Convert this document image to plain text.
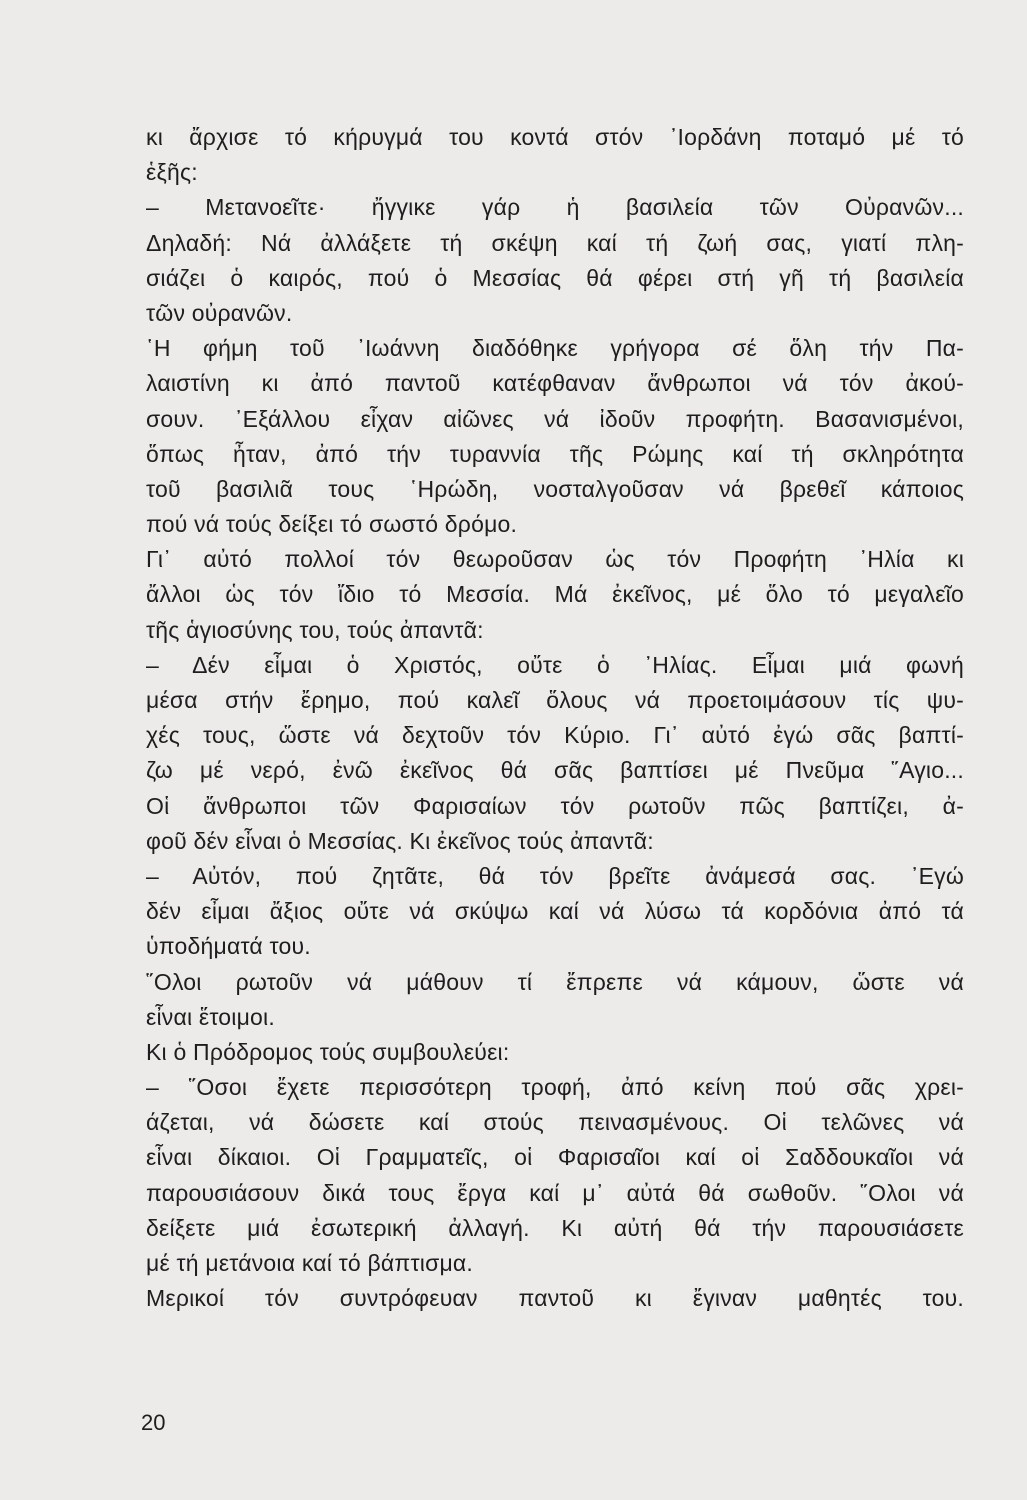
κι ἄρχισε τό κήρυγμά του κοντά στόν ᾽Ιορδάνη ποταμό μέ τό
ἑξῆς:
– Μετανοεῖτε· ἤγγικε γάρ ἡ βασιλεία τῶν Οὐρανῶν...
Δηλαδή: Νά ἀλλάξετε τή σκέψη καί τή ζωή σας, γιατί πλη-
σιάζει ὁ καιρός, πού ὁ Μεσσίας θά φέρει στή γῆ τή βασιλεία
τῶν οὐρανῶν.
῾Η φήμη τοῦ ᾽Ιωάννη διαδόθηκε γρήγορα σέ ὅλη τήν Πα-
λαιστίνη κι ἀπό παντοῦ κατέφθαναν ἄνθρωποι νά τόν ἀκού-
σουν. ᾽Εξάλλου εἶχαν αἰῶνες νά ἰδοῦν προφήτη. Βασανισμένοι,
ὅπως ἦταν, ἀπό τήν τυραννία τῆς Ρώμης καί τή σκληρότητα
τοῦ βασιλιᾶ τους ῾Ηρώδη, νοσταλγοῦσαν νά βρεθεῖ κάποιος
πού νά τούς δείξει τό σωστό δρόμο.
Γι᾽ αὐτό πολλοί τόν θεωροῦσαν ὡς τόν Προφήτη ᾽Ηλία κι
ἄλλοι ὡς τόν ἴδιο τό Μεσσία. Μά ἐκεῖνος, μέ ὅλο τό μεγαλεῖο
τῆς ἁγιοσύνης του, τούς ἀπαντᾶ:
– Δέν εἶμαι ὁ Χριστός, οὔτε ὁ ᾽Ηλίας. Εἶμαι μιά φωνή
μέσα στήν ἔρημο, πού καλεῖ ὅλους νά προετοιμάσουν τίς ψυ-
χές τους, ὥστε νά δεχτοῦν τόν Κύριο. Γι᾽ αὐτό ἐγώ σᾶς βαπτί-
ζω μέ νερό, ἐνῶ ἐκεῖνος θά σᾶς βαπτίσει μέ Πνεῦμα ῞Αγιο...
Οἱ ἄνθρωποι τῶν Φαρισαίων τόν ρωτοῦν πῶς βαπτίζει, ἀ-
φοῦ δέν εἶναι ὁ Μεσσίας. Κι ἐκεῖνος τούς ἀπαντᾶ:
– Αὐτόν, πού ζητᾶτε, θά τόν βρεῖτε ἀνάμεσά σας. ᾽Εγώ
δέν εἶμαι ἄξιος οὔτε νά σκύψω καί νά λύσω τά κορδόνια ἀπό τά
ὑποδήματά του.
῞Ολοι ρωτοῦν νά μάθουν τί ἔπρεπε νά κάμουν, ὥστε νά
εἶναι ἕτοιμοι.
Κι ὁ Πρόδρομος τούς συμβουλεύει:
– ῞Οσοι ἔχετε περισσότερη τροφή, ἀπό κείνη πού σᾶς χρει-
άζεται, νά δώσετε καί στούς πεινασμένους. Οἱ τελῶνες νά
εἶναι δίκαιοι. Οἱ Γραμματεῖς, οἱ Φαρισαῖοι καί οἱ Σαδδουκαῖοι νά
παρουσιάσουν δικά τους ἔργα καί μ᾽ αὐτά θά σωθοῦν. ῞Ολοι νά
δείξετε μιά ἐσωτερική ἀλλαγή. Κι αὐτή θά τήν παρουσιάσετε
μέ τή μετάνοια καί τό βάπτισμα.
Μερικοί τόν συντρόφευαν παντοῦ κι ἔγιναν μαθητές του.
20
